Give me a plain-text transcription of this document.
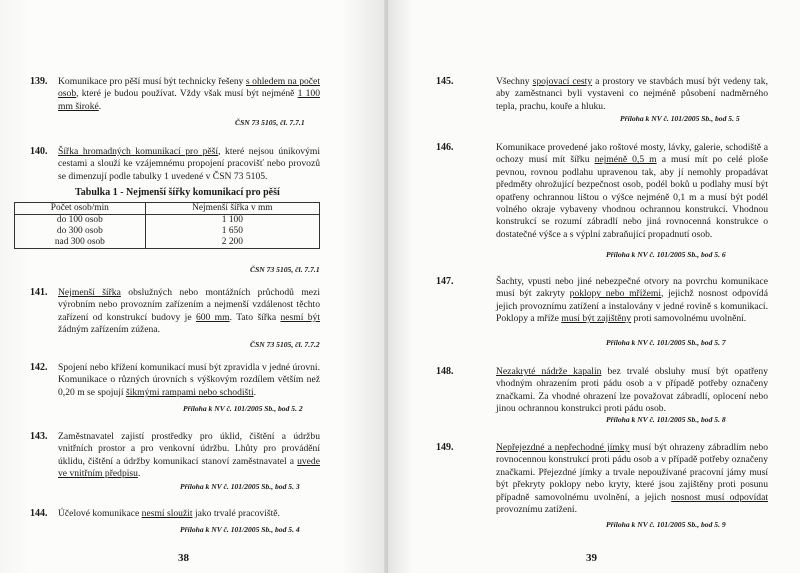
139. Komunikace pro pěší musí být technicky řešeny s ohledem na počet osob, které je budou používat. Vždy však musí být nejméně 1 100 mm široké.
ČSN 73 5105, čl. 7.7.1
140. Šířka hromadných komunikací pro pěší, které nejsou únikovými cestami a slouží ke vzájemnému propojení pracovišť nebo provozů se dimenzují podle tabulky 1 uvedené v ČSN 73 5105.
Tabulka 1 - Nejmenší šířky komunikací pro pěší
Počet osob/min	Nejmenší šířka v mm
do 100 osob	1 100
do 300 osob	1 650
nad 300 osob	2 200
ČSN 73 5105, čl. 7.7.1
141. Nejmenší šířka obslužných nebo montážních průchodů mezi výrobním nebo provozním zařízením a nejmenší vzdálenost těchto zařízení od konstrukcí budovy je 600 mm. Tato šířka nesmí být žádným zařízením zúžena.
ČSN 73 5105, čl. 7.7.2
142. Spojení nebo křížení komunikací musí být zpravidla v jedné úrovni. Komunikace o různých úrovních s výškovým rozdílem větším než 0,20 m se spojují šikmými rampami nebo schodišti.
Příloha k NV č. 101/2005 Sb., bod 5. 2
143. Zaměstnavatel zajistí prostředky pro úklid, čištění a údržbu vnitřních prostor a pro venkovní údržbu. Lhůty pro provádění úklidu, čištění a údržby komunikací stanoví zaměstnavatel a uvede ve vnitřním předpisu.
Příloha k NV č. 101/2005 Sb., bod 5. 3
144. Účelové komunikace nesmí sloužit jako trvalé pracoviště.
Příloha k NV č. 101/2005 Sb., bod 5. 4
38
145.	Všechny spojovací cesty a prostory ve stavbách musí být vedeny tak, aby zaměstnanci byli vystaveni co nejméně působení nadměrného tepla, prachu, kouře a hluku.
Příloha k NV č. 101/2005 Sb., bod 5. 5
146.	Komunikace provedené jako roštové mosty, lávky, galerie, schodiště a ochozy musí mít šířku nejméně 0,5 m a musí mít po celé ploše pevnou, rovnou podlahu upravenou tak, aby jí nemohly propadávat předměty ohrožující bezpečnost osob, podél boků u podlahy musí být opatřeny ochrannou lištou o výšce nejméně 0,1 m a musí být podél volného okraje vybaveny vhodnou ochrannou konstrukcí. Vhodnou konstrukcí se rozumí zábradlí nebo jiná rovnocenná konstrukce o dostatečné výšce a s výplní zabraňující propadnutí osob.
Příloha k NV č. 101/2005 Sb., bod 5. 6
147.	Šachty, vpusti nebo jiné nebezpečné otvory na povrchu komunikace musí být zakryty poklopy nebo mřížemi, jejichž nosnost odpovídá jejich provoznímu zatížení a instalovány v jedné rovině s komunikací. Poklopy a mříže musí být zajištěny proti samovolnému uvolnění.
Příloha k NV č. 101/2005 Sb., bod 5. 7
148.	Nezakryté nádrže kapalin bez trvalé obsluhy musí být opatřeny vhodným ohrazením proti pádu osob a v případě potřeby označeny značkami. Za vhodné ohrazení lze považovat zábradlí, oplocení nebo jinou ochrannou konstrukci proti pádu osob.
Příloha k NV č. 101/2005 Sb., bod 5. 8
149.	Nepřejezdné a nepřechodné jímky musí být ohrazeny zábradlím nebo rovnocennou konstrukcí proti pádu osob a v případě potřeby označeny značkami. Přejezdné jímky a trvale nepoužívané pracovní jámy musí být překryty poklopy nebo kryty, které jsou zajištěny proti posunu případně samovolnému uvolnění, a jejich nosnost musí odpovídat provoznímu zatížení.
Příloha k NV č. 101/2005 Sb., bod 5. 9
39
